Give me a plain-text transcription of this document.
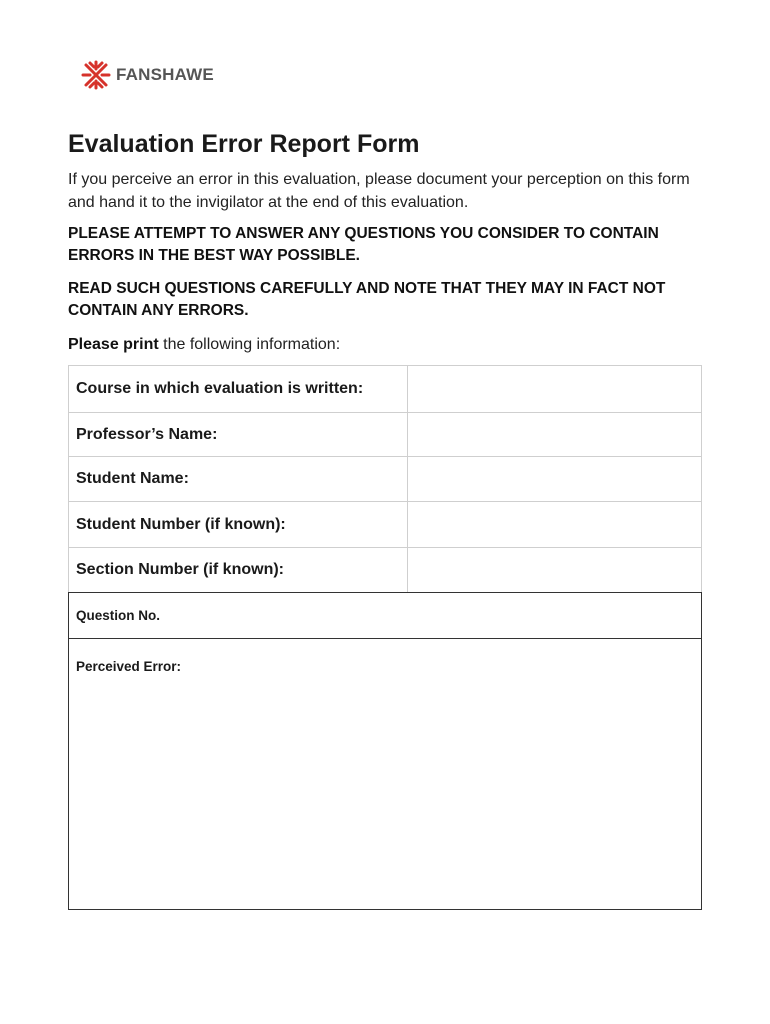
FANSHAWE
Evaluation Error Report Form

If you perceive an error in this evaluation, please document your perception on this form and hand it to the invigilator at the end of this evaluation.

PLEASE ATTEMPT TO ANSWER ANY QUESTIONS YOU CONSIDER TO CONTAIN ERRORS IN THE BEST WAY POSSIBLE.

READ SUCH QUESTIONS CAREFULLY AND NOTE THAT THEY MAY IN FACT NOT CONTAIN ANY ERRORS.

Please print the following information:

Course in which evaluation is written:	
Professor’s Name:	
Student Name:	
Student Number (if known):	
Section Number (if known):	
Question No.
Perceived Error:
